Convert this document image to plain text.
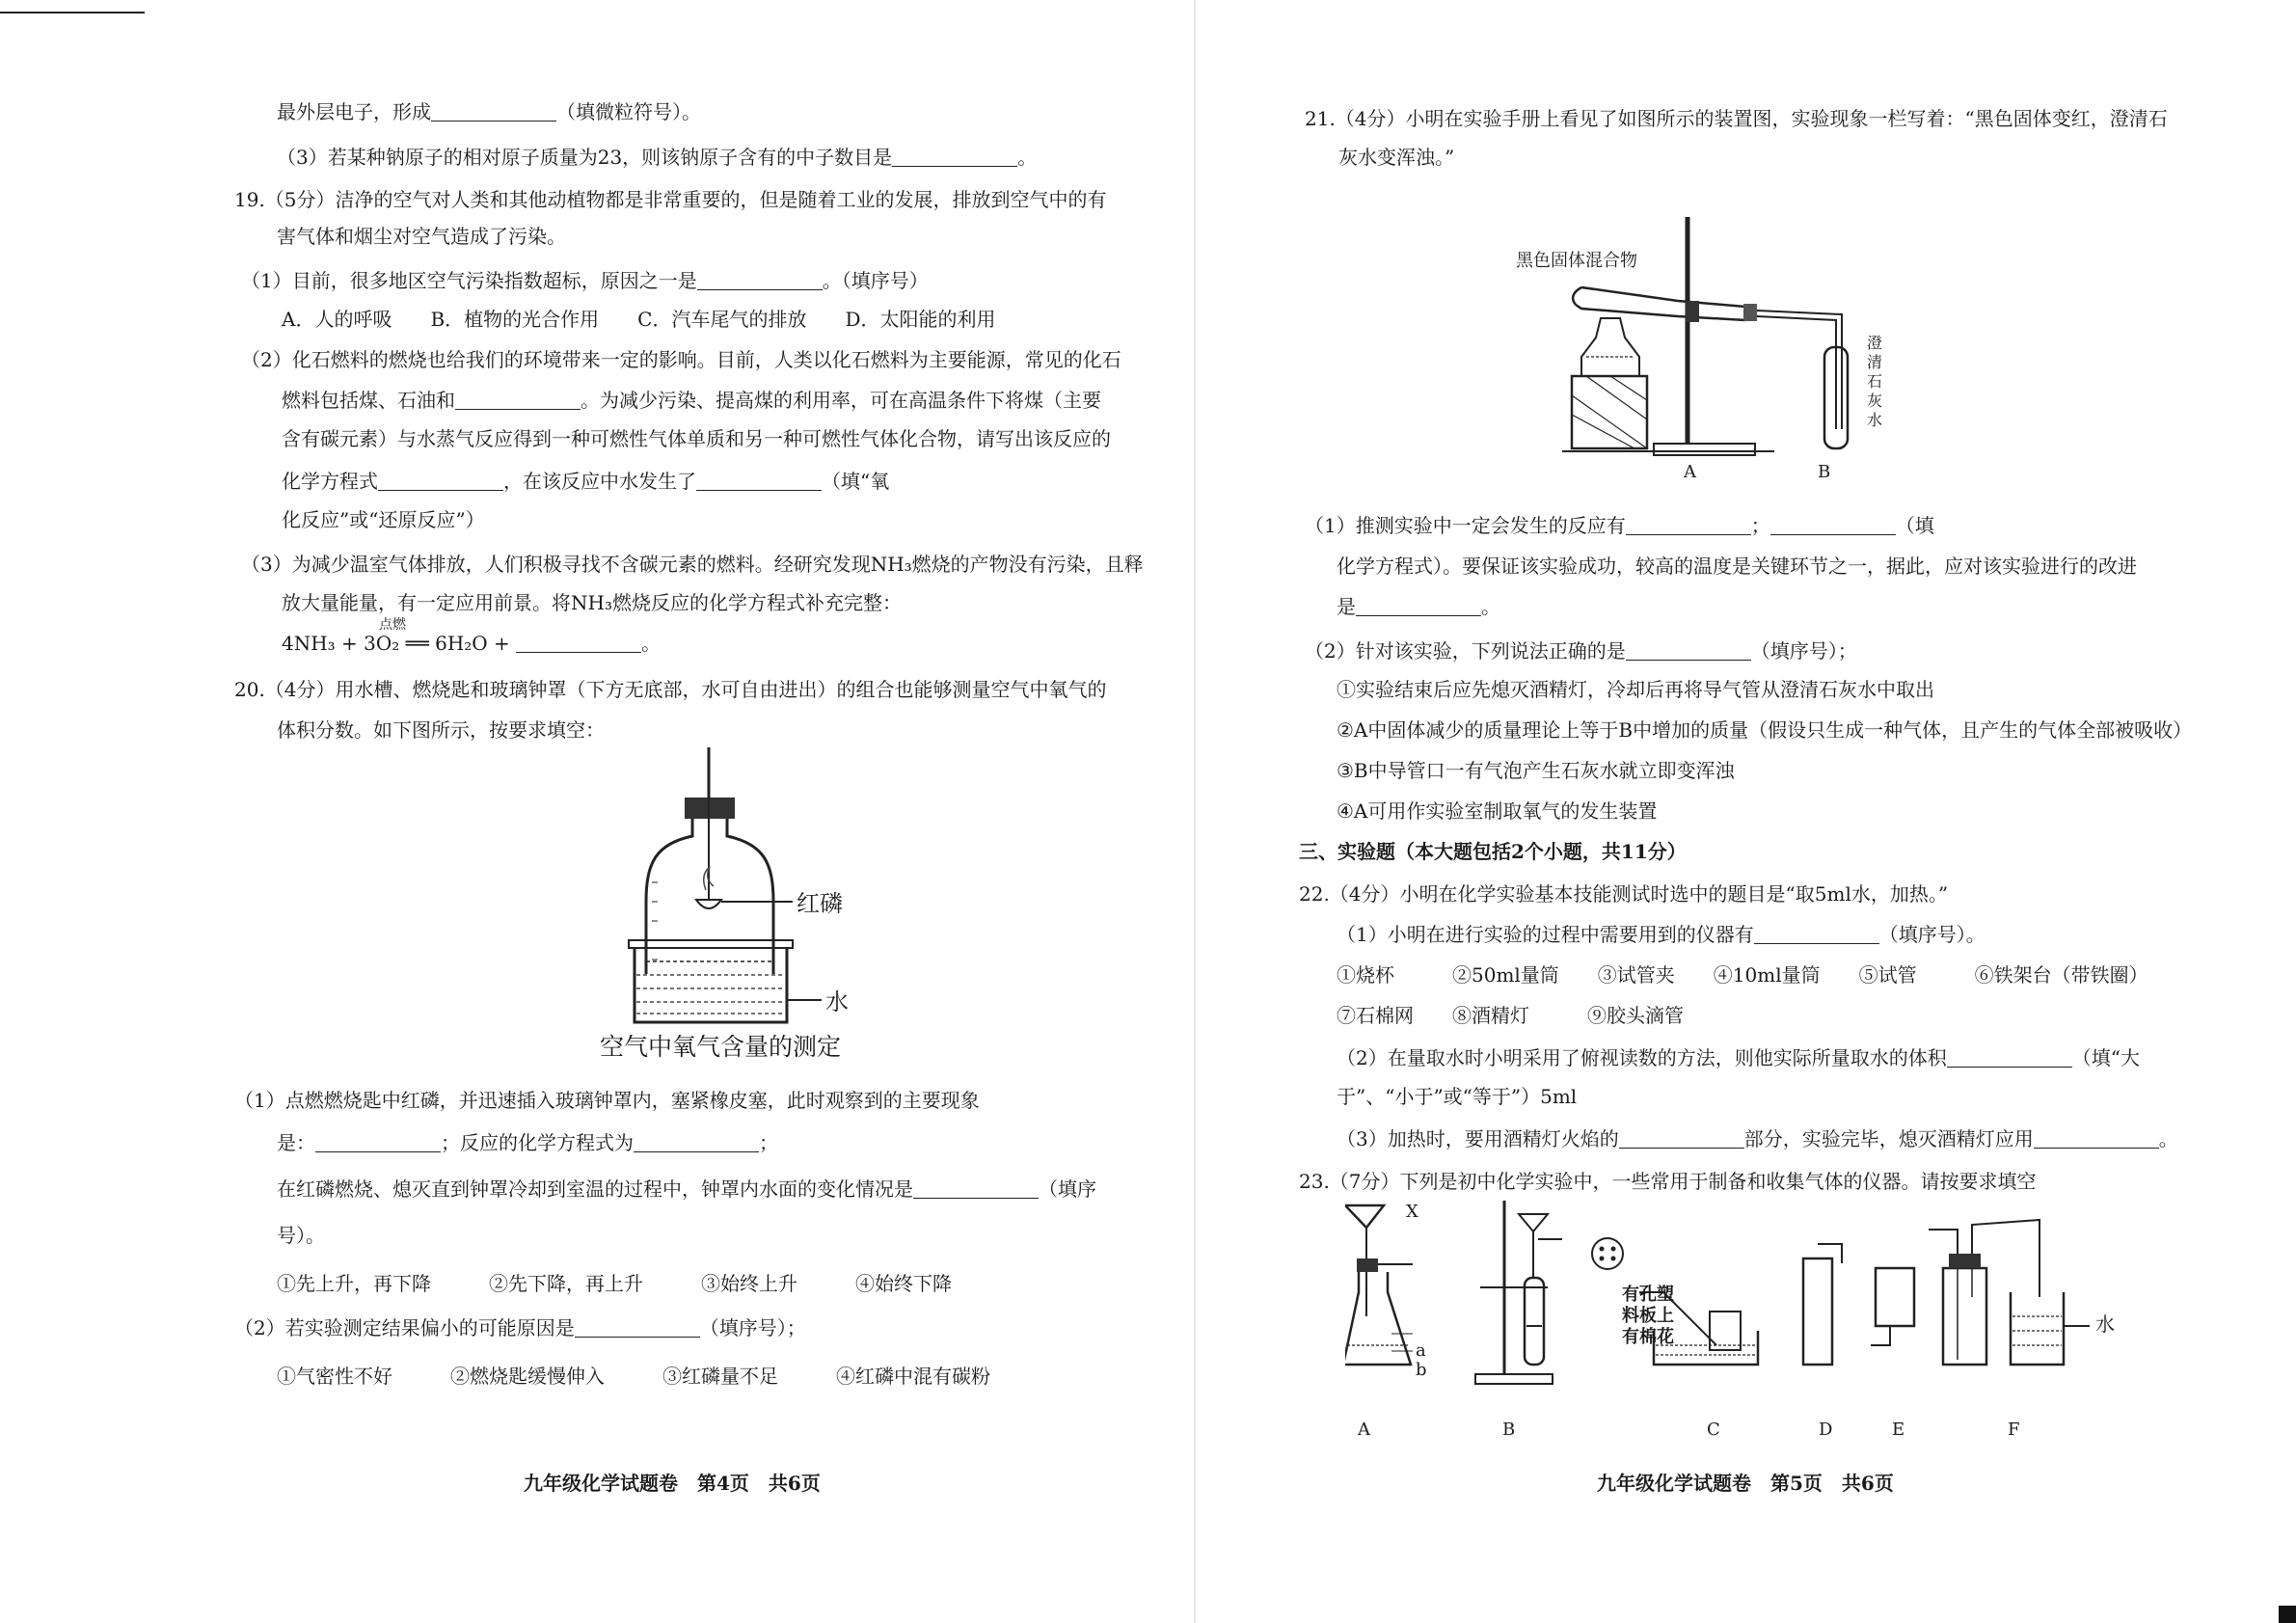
最外层电子，形成	（填微粒符号）。
（3）若某种钠原子的相对原子质量为23，则该钠原子含有的中子数目是	。
19.（5分）洁净的空气对人类和其他动植物都是非常重要的，但是随着工业的发展，排放到空气中的有
害气体和烟尘对空气造成了污染。
（1）目前，很多地区空气污染指数超标，原因之一是	。（填序号）
A．人的呼吸　　B．植物的光合作用　　C．汽车尾气的排放　　D．太阳能的利用
（2）化石燃料的燃烧也给我们的环境带来一定的影响。目前，人类以化石燃料为主要能源，常见的化石
燃料包括煤、石油和	。为减少污染、提高煤的利用率，可在高温条件下将煤（主要
含有碳元素）与水蒸气反应得到一种可燃性气体单质和另一种可燃性气体化合物，请写出该反应的
化学方程式	，在该反应中水发生了	（填“氧
化反应”或“还原反应”）
（3）为减少温室气体排放，人们积极寻找不含碳元素的燃料。经研究发现NH₃燃烧的产物没有污染，且释
放大量能量，有一定应用前景。将NH₃燃烧反应的化学方程式补充完整：
4NH₃ + 3O₂ ══ 6H₂O +	。
点燃
20.（4分）用水槽、燃烧匙和玻璃钟罩（下方无底部，水可自由进出）的组合也能够测量空气中氧气的
体积分数。如下图所示，按要求填空：
红磷
水
空气中氧气含量的测定
（1）点燃燃烧匙中红磷，并迅速插入玻璃钟罩内，塞紧橡皮塞，此时观察到的主要现象
是：	；反应的化学方程式为	；
在红磷燃烧、熄灭直到钟罩冷却到室温的过程中，钟罩内水面的变化情况是	（填序
号）。
①先上升，再下降　　　②先下降，再上升　　　③始终上升　　　④始终下降
（2）若实验测定结果偏小的可能原因是	（填序号）；
①气密性不好　　　②燃烧匙缓慢伸入　　　③红磷量不足　　　④红磷中混有碳粉
九年级化学试题卷　第4页　共6页
21.（4分）小明在实验手册上看见了如图所示的装置图，实验现象一栏写着：“黑色固体变红，澄清石
灰水变浑浊。”
黑色固体混合物
澄清石灰水
A	B
（1）推测实验中一定会发生的反应有	；	（填
化学方程式）。要保证该实验成功，较高的温度是关键环节之一，据此，应对该实验进行的改进
是	。
（2）针对该实验，下列说法正确的是	（填序号）；
①实验结束后应先熄灭酒精灯，冷却后再将导气管从澄清石灰水中取出
②A中固体减少的质量理论上等于B中增加的质量（假设只生成一种气体，且产生的气体全部被吸收）
③B中导管口一有气泡产生石灰水就立即变浑浊
④A可用作实验室制取氧气的发生装置
三、实验题（本大题包括2个小题，共11分）
22.（4分）小明在化学实验基本技能测试时选中的题目是“取5ml水，加热。”
（1）小明在进行实验的过程中需要用到的仪器有	（填序号）。
①烧杯　　　②50ml量筒　　③试管夹　　④10ml量筒　　⑤试管　　　⑥铁架台（带铁圈）
⑦石棉网　　⑧酒精灯　　　⑨胶头滴管
（2）在量取水时小明采用了俯视读数的方法，则他实际所量取水的体积	（填“大
于”、“小于”或“等于”）5ml
（3）加热时，要用酒精灯火焰的	部分，实验完毕，熄灭酒精灯应用	。
23.（7分）下列是初中化学实验中，一些常用于制备和收集气体的仪器。请按要求填空
X
a
b
有孔塑料板上有棉花
水
A	B	C	D	E	F
九年级化学试题卷　第5页　共6页
